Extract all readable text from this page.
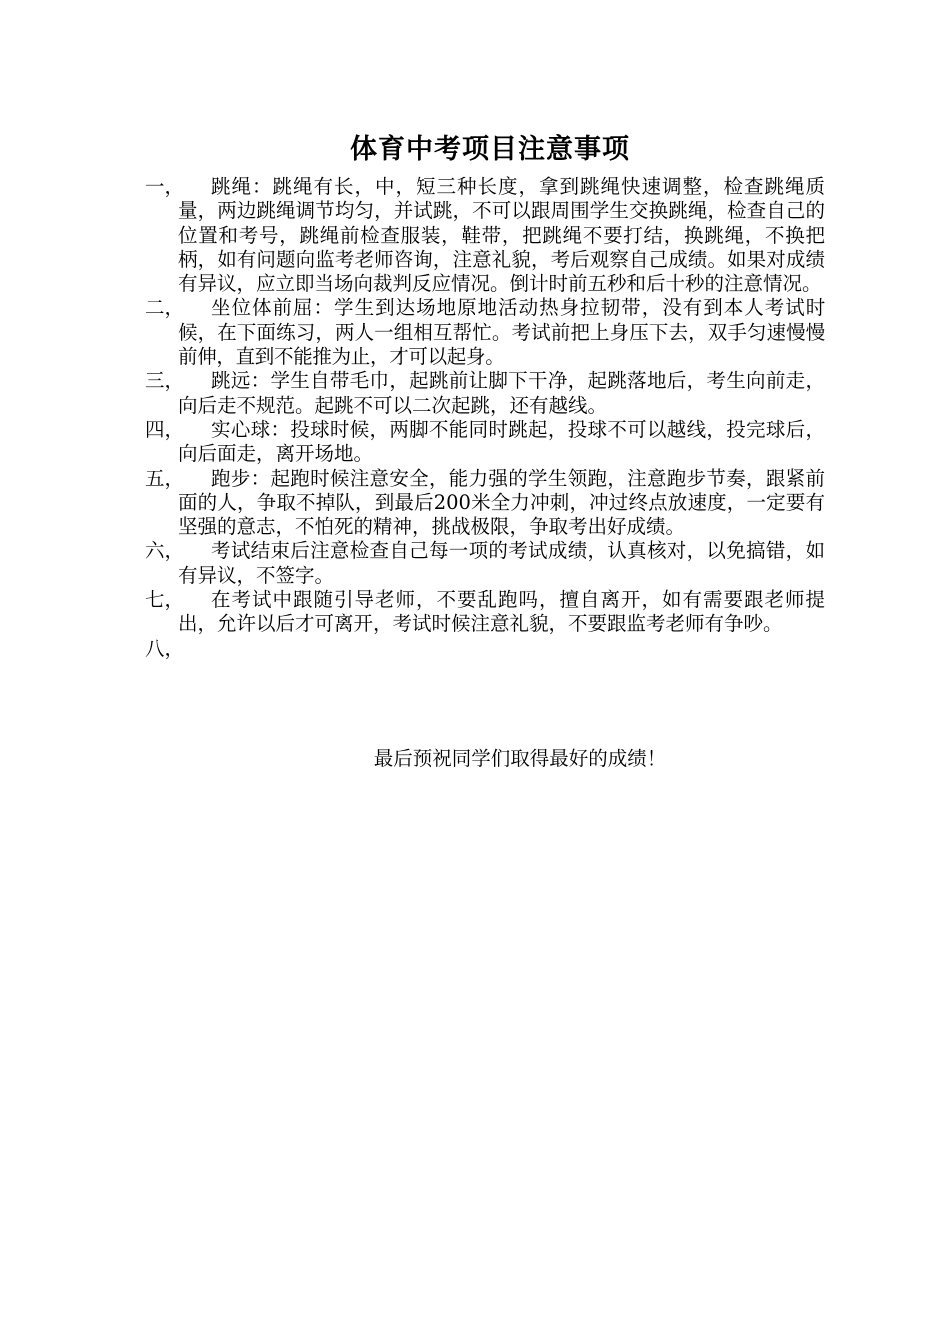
体育中考项目注意事项
一，	跳绳：跳绳有长，中，短三种长度，拿到跳绳快速调整，检查跳绳质量，两边跳绳调节均匀，并试跳，不可以跟周围学生交换跳绳，检查自己的位置和考号，跳绳前检查服装，鞋带，把跳绳不要打结，换跳绳，不换把柄，如有问题向监考老师咨询，注意礼貌，考后观察自己成绩。如果对成绩有异议，应立即当场向裁判反应情况。倒计时前五秒和后十秒的注意情况。
二，	坐位体前屈：学生到达场地原地活动热身拉韧带，没有到本人考试时候，在下面练习，两人一组相互帮忙。考试前把上身压下去，双手匀速慢慢前伸，直到不能推为止，才可以起身。
三，	跳远：学生自带毛巾，起跳前让脚下干净，起跳落地后，考生向前走，向后走不规范。起跳不可以二次起跳，还有越线。
四，	实心球：投球时候，两脚不能同时跳起，投球不可以越线，投完球后，向后面走，离开场地。
五，	跑步：起跑时候注意安全，能力强的学生领跑，注意跑步节奏，跟紧前面的人，争取不掉队，到最后200米全力冲刺，冲过终点放速度，一定要有坚强的意志，不怕死的精神，挑战极限，争取考出好成绩。
六，	考试结束后注意检查自己每一项的考试成绩，认真核对，以免搞错，如有异议，不签字。
七，	在考试中跟随引导老师，不要乱跑吗，擅自离开，如有需要跟老师提出，允许以后才可离开，考试时候注意礼貌，不要跟监考老师有争吵。
八，
最后预祝同学们取得最好的成绩！
